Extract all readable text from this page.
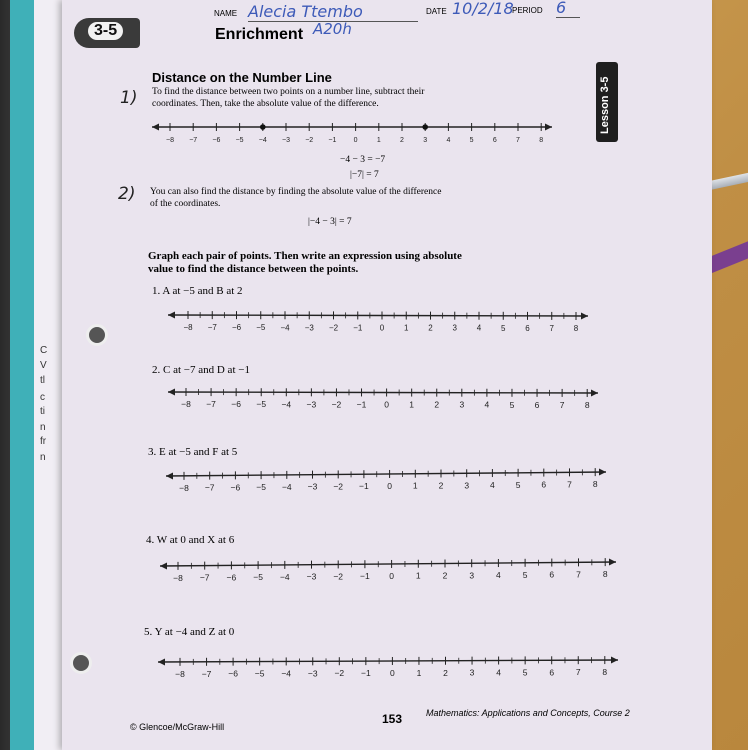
C
V
tl
c
ti
n
fr
n
NAME Alecia Ttembo	DATE 10/2/18
PERIOD 6
3-5	Enrichment A20h
Lesson 3-5
Distance on the Number Line
1) To find the distance between two points on a number line, subtract their
coordinates. Then, take the absolute value of the difference.
−8 −7 −6 −5 −4 −3 −2 −1 0	1	2	3	4	5	6	7	8
−4 − 3 = −7
|−7| = 7
2) You can also find the distance by finding the absolute value of the difference
of the coordinates.
|−4 − 3| = 7
Graph each pair of points. Then write an expression using absolute
value to find the distance between the points.
1. A at −5 and B at 2
−8 −7 −6 −5 −4 −3 −2 −1 0 1 2 3 4 5 6 7 8
2. C at −7 and D at −1
−8 −7 −6 −5 −4 −3 −2 −1 0 1 2 3 4 5 6 7 8
3. E at −5 and F at 5
−8 −7 −6 −5 −4 −3 −2 −1 0 1 2 3 4 5 6 7 8
4. W at 0 and X at 6
−8 −7 −6 −5 −4 −3 −2 −1 0	1	2	3	4	5	6	7	8
5. Y at −4 and Z at 0
−8 −7 −6 −5 −4 −3 −2 −1 0	1	2	3	4	5	6	7	8
© Glencoe/McGraw-Hill
153	Mathematics: Applications and Concepts, Course 2
